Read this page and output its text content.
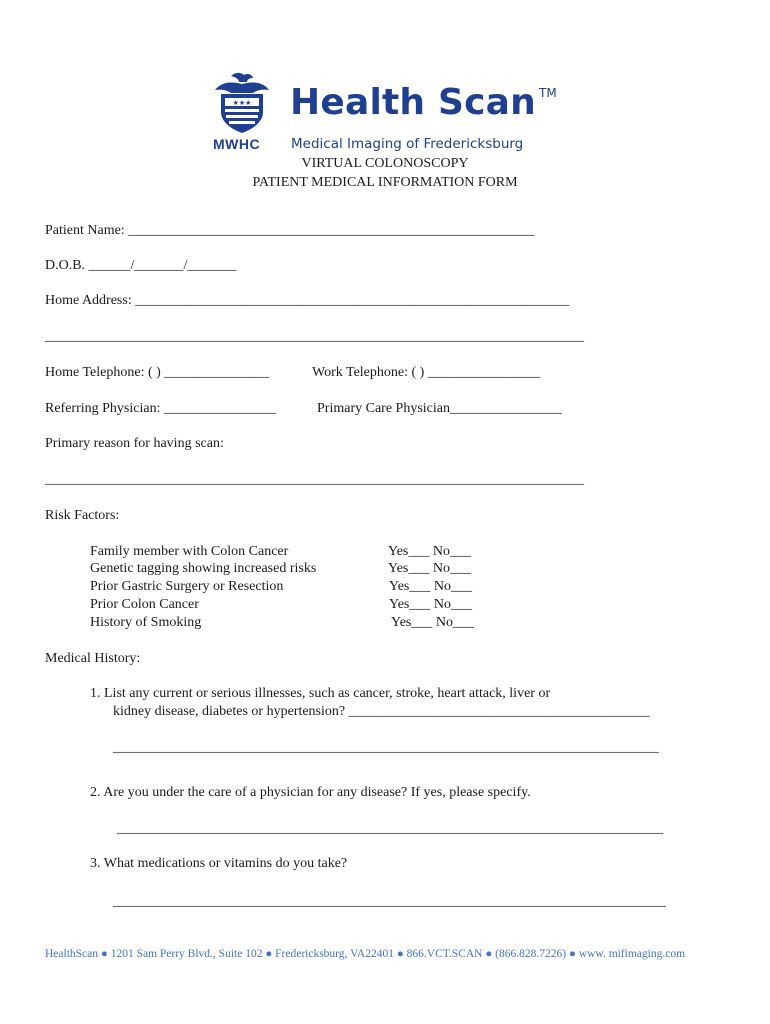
★★★
MWHC
Health Scan TM
Medical Imaging of Fredericksburg
VIRTUAL COLONOSCOPY
PATIENT MEDICAL INFORMATION FORM
Patient Name: __________________________________________________________
D.O.B. ______/_______/_______
Home Address: ______________________________________________________________
_____________________________________________________________________________
Home Telephone: ( ) _______________	Work Telephone: ( ) ________________
Referring Physician: ________________	Primary Care Physician________________
Primary reason for having scan:
_____________________________________________________________________________
Risk Factors:
Family member with Colon Cancer	Yes___ No___
Genetic tagging showing increased risks	Yes___ No___
Prior Gastric Surgery or Resection	Yes___ No___
Prior Colon Cancer	Yes___ No___
History of Smoking	Yes___ No___
Medical History:
1. List any current or serious illnesses, such as cancer, stroke, heart attack, liver or
kidney disease, diabetes or hypertension? ___________________________________________
______________________________________________________________________________
2. Are you under the care of a physician for any disease? If yes, please specify.
______________________________________________________________________________
3. What medications or vitamins do you take?
_______________________________________________________________________________
HealthScan ● 1201 Sam Perry Blvd., Suite 102 ● Fredericksburg, VA22401 ● 866.VCT.SCAN ● (866.828.7226) ● www. mifimaging.com
